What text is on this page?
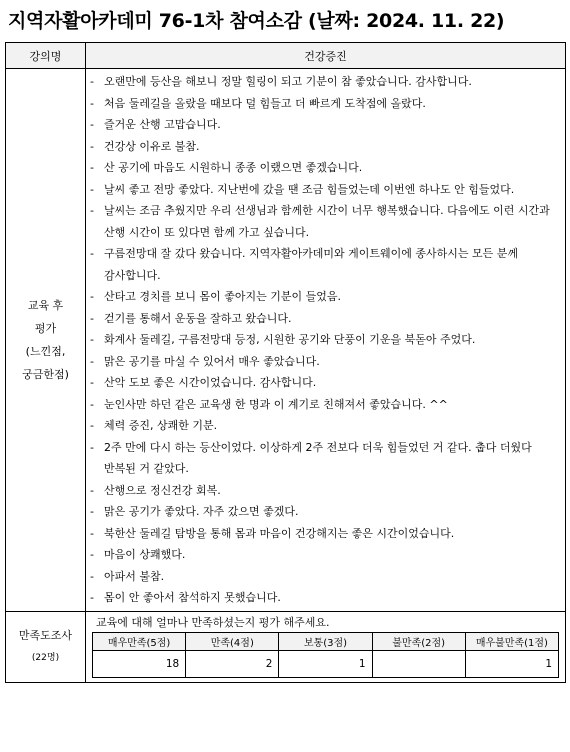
지역자활아카데미 76-1차 참여소감 (날짜: 2024. 11. 22)
강의명	건강증진

교육 후
평가
(느낀점,
궁금한점)

- 오랜만에 등산을 해보니 정말 힐링이 되고 기분이 참 좋았습니다. 감사합니다.
- 처음 둘레길을 올랐을 때보다 덜 힘들고 더 빠르게 도착점에 올랐다.
- 즐거운 산행 고맙습니다.
- 건강상 이유로 불참.
- 산 공기에 마음도 시원하니 종종 이랬으면 좋겠습니다.
- 날씨 좋고 전망 좋았다. 지난번에 갔을 땐 조금 힘들었는데 이번엔 하나도 안 힘들었다.
- 날씨는 조금 추웠지만 우리 선생님과 함께한 시간이 너무 행복했습니다. 다음에도 이런 시간과 산행 시간이 또 있다면 함께 가고 싶습니다.
- 구름전망대 잘 갔다 왔습니다. 지역자활아카데미와 게이트웨이에 종사하시는 모든 분께 감사합니다.
- 산타고 경치를 보니 몸이 좋아지는 기분이 들었음.
- 걷기를 통해서 운동을 잘하고 왔습니다.
- 화계사 둘레길, 구름전망대 등정, 시원한 공기와 단풍이 기운을 북돋아 주었다.
- 맑은 공기를 마실 수 있어서 매우 좋았습니다.
- 산악 도보 좋은 시간이었습니다. 감사합니다.
- 눈인사만 하던 같은 교육생 한 명과 이 계기로 친해져서 좋았습니다. ^^
- 체력 증진, 상쾌한 기분.
- 2주 만에 다시 하는 등산이었다. 이상하게 2주 전보다 더욱 힘들었던 거 같다. 춥다 더웠다 반복된 거 같았다.
- 산행으로 정신건강 회복.
- 맑은 공기가 좋았다. 자주 갔으면 좋겠다.
- 북한산 둘레길 탐방을 통해 몸과 마음이 건강해지는 좋은 시간이었습니다.
- 마음이 상쾌했다.
- 아파서 불참.
- 몸이 안 좋아서 참석하지 못했습니다.

만족도조사
(22명)

교육에 대해 얼마나 만족하셨는지 평가 해주세요.
매우만족(5점)	만족(4점)	보통(3점)	불만족(2점)	매우불만족(1점)
18	2	1		1
